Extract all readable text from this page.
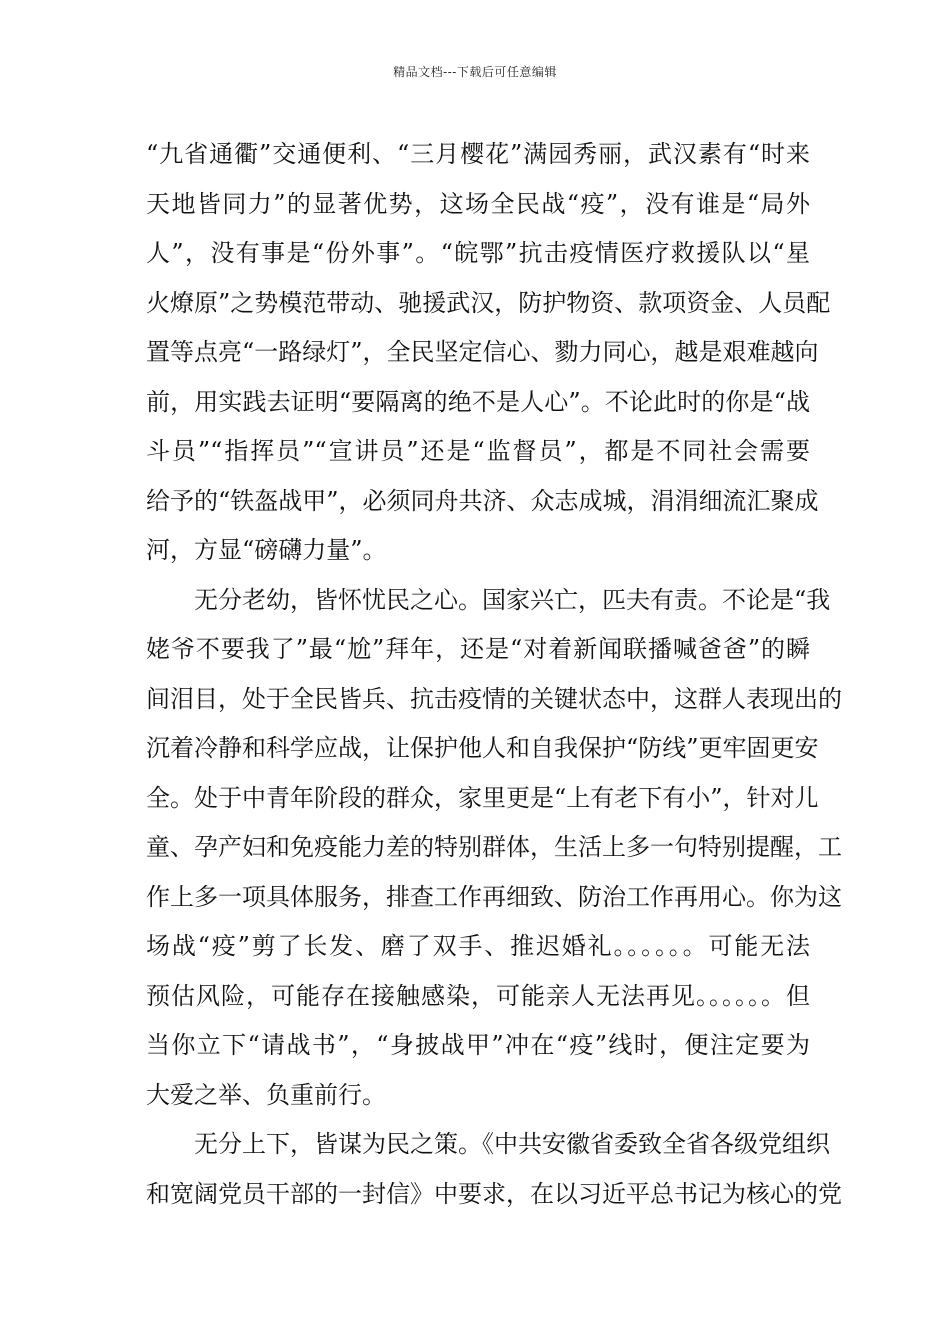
精品文档---下载后可任意编辑
“九省通衢”交通便利、“三月樱花”满园秀丽，武汉素有“时来
天地皆同力”的显著优势，这场全民战“疫”，没有谁是“局外
人”，没有事是“份外事”。“皖鄂”抗击疫情医疗救援队以“星
火燎原”之势模范带动、驰援武汉，防护物资、款项资金、人员配
置等点亮“一路绿灯”，全民坚定信心、勠力同心，越是艰难越向
前，用实践去证明“要隔离的绝不是人心”。不论此时的你是“战
斗员”“指挥员”“宣讲员”还是“监督员”，都是不同社会需要
给予的“铁盔战甲”，必须同舟共济、众志成城，涓涓细流汇聚成
河，方显“磅礴力量”。
无分老幼，皆怀忧民之心。国家兴亡，匹夫有责。不论是“我
姥爷不要我了”最“尬”拜年，还是“对着新闻联播喊爸爸”的瞬
间泪目，处于全民皆兵、抗击疫情的关键状态中，这群人表现出的
沉着冷静和科学应战，让保护他人和自我保护“防线”更牢固更安
全。处于中青年阶段的群众，家里更是“上有老下有小”，针对儿
童、孕产妇和免疫能力差的特别群体，生活上多一句特别提醒，工
作上多一项具体服务，排查工作再细致、防治工作再用心。你为这
场战“疫”剪了长发、磨了双手、推迟婚礼。。。。。。可能无法
预估风险，可能存在接触感染，可能亲人无法再见。。。。。。但
当你立下“请战书”，“身披战甲”冲在“疫”线时，便注定要为
大爱之举、负重前行。
无分上下，皆谋为民之策。《中共安徽省委致全省各级党组织
和宽阔党员干部的一封信》中要求，在以习近平总书记为核心的党
